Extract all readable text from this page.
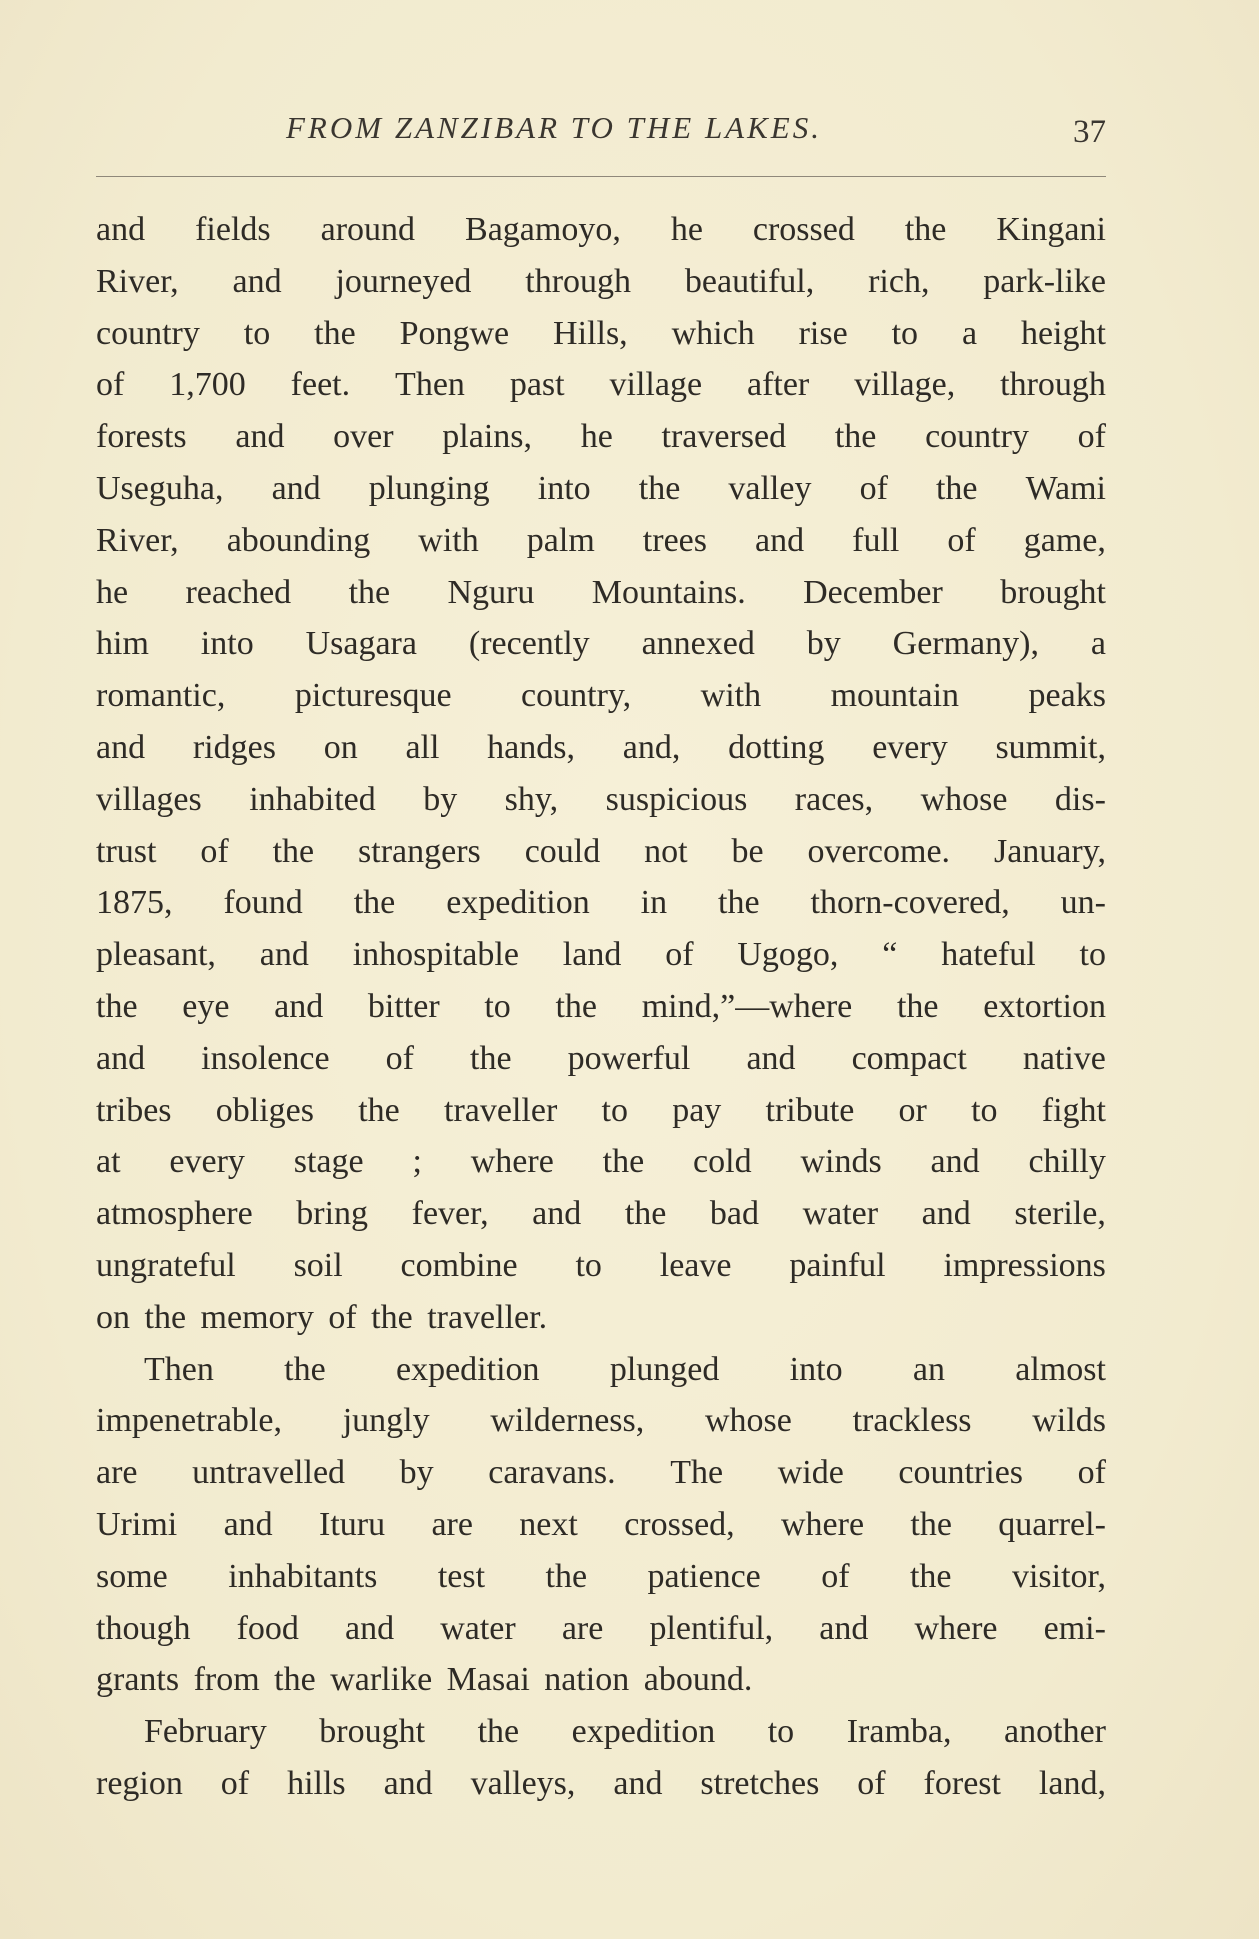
FROM ZANZIBAR TO THE LAKES.	37
and fields around Bagamoyo, he crossed the Kingani
River, and journeyed through beautiful, rich, park-like
country to the Pongwe Hills, which rise to a height
of 1,700 feet. Then past village after village, through
forests and over plains, he traversed the country of
Useguha, and plunging into the valley of the Wami
River, abounding with palm trees and full of game,
he reached the Nguru Mountains. December brought
him into Usagara (recently annexed by Germany), a
romantic, picturesque country, with mountain peaks
and ridges on all hands, and, dotting every summit,
villages inhabited by shy, suspicious races, whose dis-
trust of the strangers could not be overcome. January,
1875, found the expedition in the thorn-covered, un-
pleasant, and inhospitable land of Ugogo, “ hateful to
the eye and bitter to the mind,”—where the extortion
and insolence of the powerful and compact native
tribes obliges the traveller to pay tribute or to fight
at every stage ; where the cold winds and chilly
atmosphere bring fever, and the bad water and sterile,
ungrateful soil combine to leave painful impressions
on the memory of the traveller.
Then the expedition plunged into an almost
impenetrable, jungly wilderness, whose trackless wilds
are untravelled by caravans. The wide countries of
Urimi and Ituru are next crossed, where the quarrel-
some inhabitants test the patience of the visitor,
though food and water are plentiful, and where emi-
grants from the warlike Masai nation abound.
February brought the expedition to Iramba, another
region of hills and valleys, and stretches of forest land,
